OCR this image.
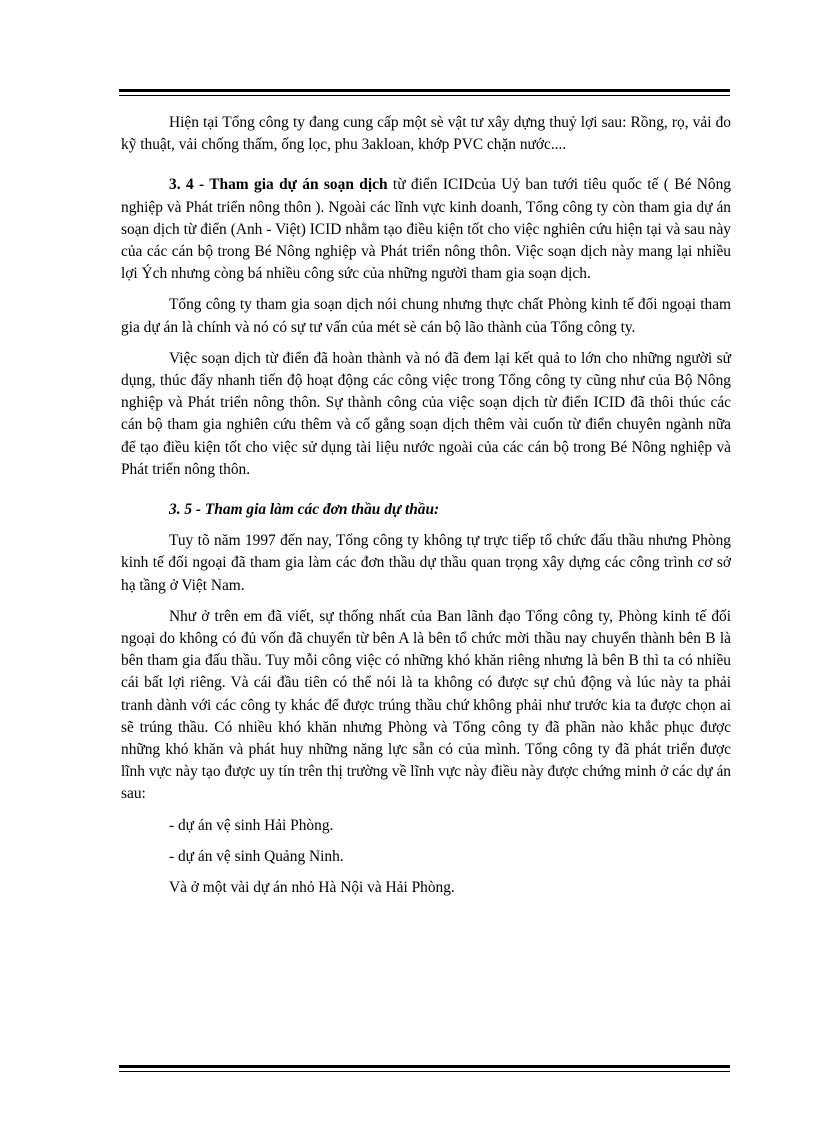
Hiện tại Tổng công ty đang cung cấp một sè vật tư xây dựng thuỷ lợi sau: Rồng, rọ, vải đo kỹ thuật, vải chống thấm, ống lọc, phu 3akloan, khớp PVC chặn nước....

3. 4 - Tham gia dự án soạn dịch từ điển ICIDcủa Uỷ ban tưới tiêu quốc tế ( Bé Nông nghiệp và Phát triển nông thôn ). Ngoài các lĩnh vực kinh doanh, Tổng công ty còn tham gia dự án soạn dịch từ điển (Anh - Việt) ICID nhằm tạo điều kiện tốt cho việc nghiên cứu hiện tại và sau này của các cán bộ trong Bé Nông nghiệp và Phát triển nông thôn. Việc soạn dịch này mang lại nhiều lợi Ých nhưng còng bá nhiều công sức của những người tham gia soạn dịch.

Tổng công ty tham gia soạn dịch nói chung nhưng thực chất Phòng kinh tế đối ngoại tham gia dự án là chính và nó có sự tư vấn của mét sè cán bộ lão thành của Tổng công ty.

Việc soạn dịch từ điển đã hoàn thành và nó đã đem lại kết quả to lớn cho những người sử dụng, thúc đẩy nhanh tiến độ hoạt động các công việc trong Tổng công ty cũng như của Bộ Nông nghiệp và Phát triển nông thôn. Sự thành công của việc soạn dịch từ điển ICID đã thôi thúc các cán bộ tham gia nghiên cứu thêm và cố gắng soạn dịch thêm vài cuốn từ điển chuyên ngành nữa để tạo điều kiện tốt cho việc sử dụng tài liệu nước ngoài của các cán bộ trong Bé Nông nghiệp và Phát triển nông thôn.

3. 5 - Tham gia làm các đơn thầu dự thầu:

Tuy tõ năm 1997 đến nay, Tổng công ty không tự trực tiếp tổ chức đấu thầu nhưng Phòng kinh tế đối ngoại đã tham gia làm các đơn thầu dự thầu quan trọng xây dựng các công trình cơ sở hạ tầng ở Việt Nam.

Như ở trên em đã viết, sự thống nhất của Ban lãnh đạo Tổng công ty, Phòng kinh tế đối ngoại do không có đủ vốn đã chuyển từ bên A là bên tổ chức mời thầu nay chuyển thành bên B là bên tham gia đấu thầu. Tuy mỗi công việc có những khó khăn riêng nhưng là bên B thì ta có nhiều cái bất lợi riêng. Và cái đầu tiên có thể nói là ta không có được sự chủ động và lúc này ta phải tranh dành với các công ty khác để được trúng thầu chứ không phải như trước kia ta được chọn ai sẽ trúng thầu. Có nhiều khó khăn nhưng Phòng và Tổng công ty đã phần nào khắc phục được những khó khăn và phát huy những năng lực sẵn có của mình. Tổng công ty đã phát triển được lĩnh vực này tạo được uy tín trên thị trường về lĩnh vực này điều này được chứng minh ở các dự án sau:

- dự án vệ sinh Hải Phòng.

- dự án vệ sinh Quảng Ninh.

Và ở một vài dự án nhỏ Hà Nội và Hải Phòng.
